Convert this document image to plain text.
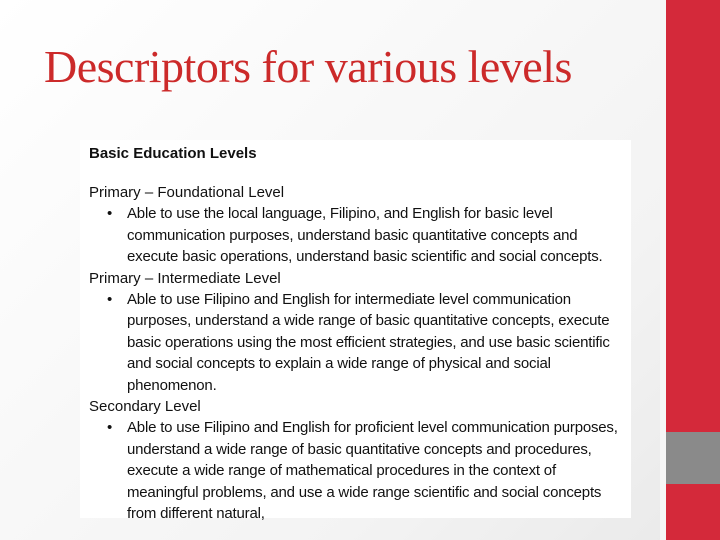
Descriptors for various levels
Basic Education Levels
Primary – Foundational Level
• Able to use the local language, Filipino, and English for basic level communication purposes, understand basic quantitative concepts and execute basic operations, understand basic scientific and social concepts.
Primary – Intermediate Level
• Able to use Filipino and English for intermediate level communication purposes, understand a wide range of basic quantitative concepts, execute basic operations using the most efficient strategies, and use basic scientific and social concepts to explain a wide range of physical and social phenomenon.
Secondary Level
• Able to use Filipino and English for proficient level communication purposes, understand a wide range of basic quantitative concepts and procedures, execute a wide range of mathematical procedures in the context of meaningful problems, and use a wide range scientific and social concepts from different natural,
